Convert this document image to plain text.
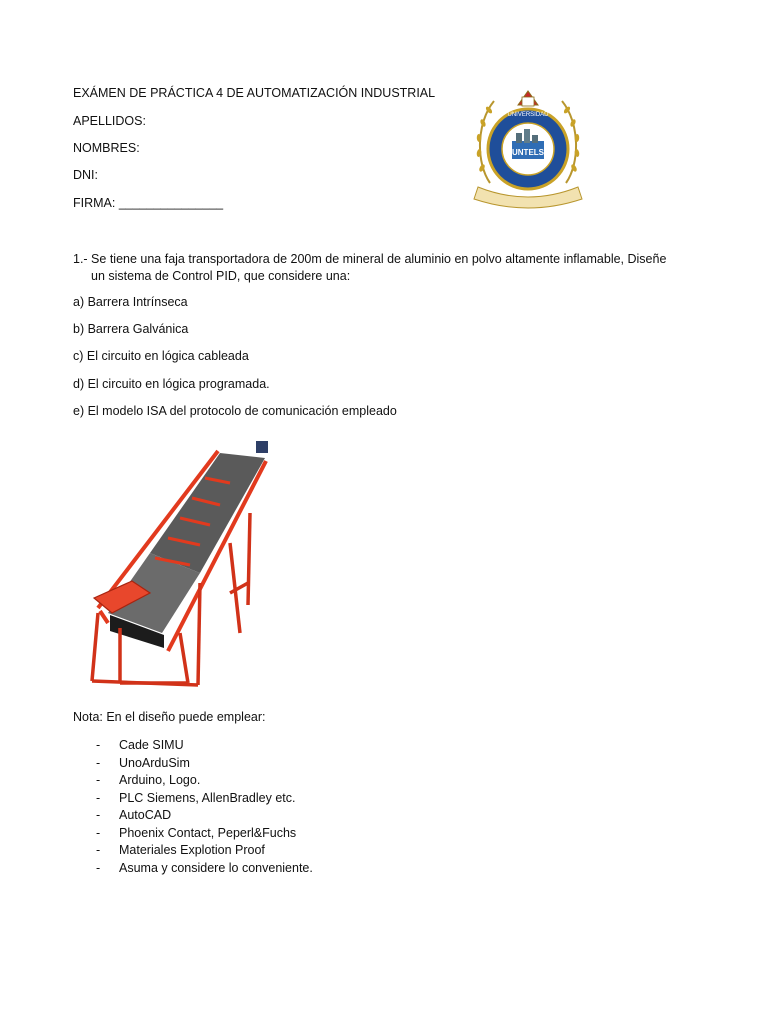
EXÁMEN DE PRÁCTICA 4 DE AUTOMATIZACIÓN INDUSTRIAL
APELLIDOS:
NOMBRES:
DNI:
FIRMA: _______________
UNIVERSIDAD
UNTELS
1.- Se tiene una faja transportadora de 200m de mineral de aluminio en polvo altamente inflamable, Diseñe
un sistema de Control PID, que considere una:
a) Barrera Intrínseca
b) Barrera Galvánica
c) El circuito en lógica cableada
d) El circuito en lógica programada.
e) El modelo ISA del protocolo de comunicación empleado
Nota: En el diseño puede emplear:
- Cade SIMU
- UnoArduSim
- Arduino, Logo.
- PLC Siemens, AllenBradley etc.
- AutoCAD
- Phoenix Contact, Peperl&Fuchs
- Materiales Explotion Proof
- Asuma y considere lo conveniente.
